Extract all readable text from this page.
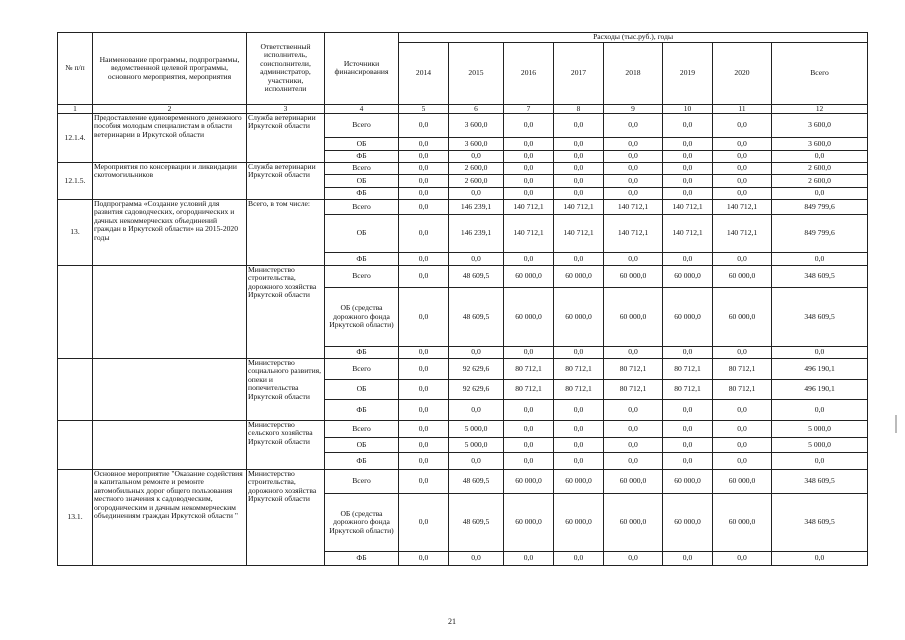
№ п/п	Наименование программы, подпрограммы, ведомственной целевой программы, основного мероприятия, мероприятия	Ответственный исполнитель, соисполнители, администратор, участники, исполнители	Источники финансирования	Расходы (тыс.руб.), годы							
				2014	2015	2016	2017	2018	2019	2020	Всего
1	2	3	4	5	6	7	8	9	10	11	12
12.1.4.	Предоставление единовременного денежного пособия молодым специалистам в области ветеринарии в Иркутской области	Служба ветеринарии Иркутской области	Всего	0,0	3 600,0	0,0	0,0	0,0	0,0	0,0	3 600,0
			ОБ	0,0	3 600,0	0,0	0,0	0,0	0,0	0,0	3 600,0
			ФБ	0,0	0,0	0,0	0,0	0,0	0,0	0,0	0,0
12.1.5.	Мероприятия по консервации и ликвидации скотомогильников	Служба ветеринарии Иркутской области	Всего	0,0	2 600,0	0,0	0,0	0,0	0,0	0,0	2 600,0
			ОБ	0,0	2 600,0	0,0	0,0	0,0	0,0	0,0	2 600,0
			ФБ	0,0	0,0	0,0	0,0	0,0	0,0	0,0	0,0
13.	Подпрограмма «Создание условий для развития садоводческих, огороднических и дачных некоммерческих объединений граждан в Иркутской области» на 2015-2020 годы	Всего, в том числе:	Всего	0,0	146 239,1	140 712,1	140 712,1	140 712,1	140 712,1	140 712,1	849 799,6
			ОБ	0,0	146 239,1	140 712,1	140 712,1	140 712,1	140 712,1	140 712,1	849 799,6
			ФБ	0,0	0,0	0,0	0,0	0,0	0,0	0,0	0,0
		Министерство строительства, дорожного хозяйства Иркутской области	Всего	0,0	48 609,5	60 000,0	60 000,0	60 000,0	60 000,0	60 000,0	348 609,5
			ОБ (средства дорожного фонда Иркутской области)	0,0	48 609,5	60 000,0	60 000,0	60 000,0	60 000,0	60 000,0	348 609,5
			ФБ	0,0	0,0	0,0	0,0	0,0	0,0	0,0	0,0
		Министерство социального развития, опеки и попечительства Иркутской области	Всего	0,0	92 629,6	80 712,1	80 712,1	80 712,1	80 712,1	80 712,1	496 190,1
			ОБ	0,0	92 629,6	80 712,1	80 712,1	80 712,1	80 712,1	80 712,1	496 190,1
			ФБ	0,0	0,0	0,0	0,0	0,0	0,0	0,0	0,0
		Министерство сельского хозяйства Иркутской области	Всего	0,0	5 000,0	0,0	0,0	0,0	0,0	0,0	5 000,0
			ОБ	0,0	5 000,0	0,0	0,0	0,0	0,0	0,0	5 000,0
			ФБ	0,0	0,0	0,0	0,0	0,0	0,0	0,0	0,0
13.1.	Основное мероприятие "Оказание содействия в капитальном ремонте и ремонте автомобильных дорог общего пользования местного значения к садоводческим, огородническим и дачным некоммерческим объединениям граждан Иркутской области "	Министерство строительства, дорожного хозяйства Иркутской области	Всего	0,0	48 609,5	60 000,0	60 000,0	60 000,0	60 000,0	60 000,0	348 609,5
			ОБ (средства дорожного фонда Иркутской области)	0,0	48 609,5	60 000,0	60 000,0	60 000,0	60 000,0	60 000,0	348 609,5
			ФБ	0,0	0,0	0,0	0,0	0,0	0,0	0,0	0,0
21
